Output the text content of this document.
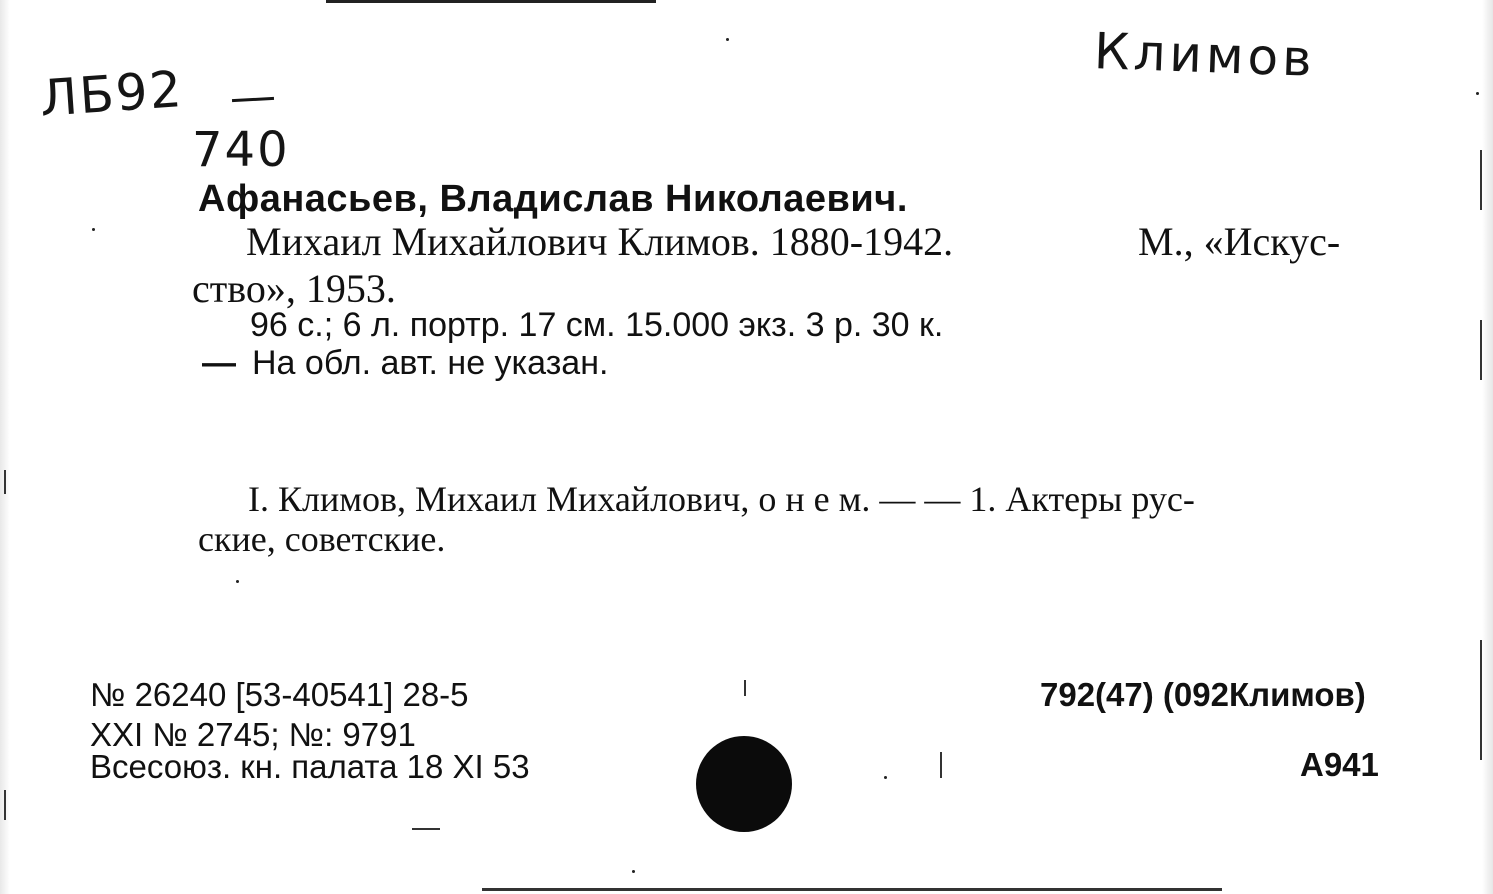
ЛБ92
740
Климов
Афанасьев, Владислав Николаевич.
Михаил Михайлович Климов. 1880-1942.	М., «Искус-
ство», 1953.
96 с.; 6 л. портр. 17 см. 15.000 экз. 3 р. 30 к.
— На обл. авт. не указан.
I. Климов, Михаил Михайлович, о н е м. — — 1. Актеры рус-
ские, советские.
№ 26240 [53-40541] 28-5
XXI № 2745; №: 9791
Всесоюз. кн. палата 18 XI 53
792(47) (092Климов)
А941
